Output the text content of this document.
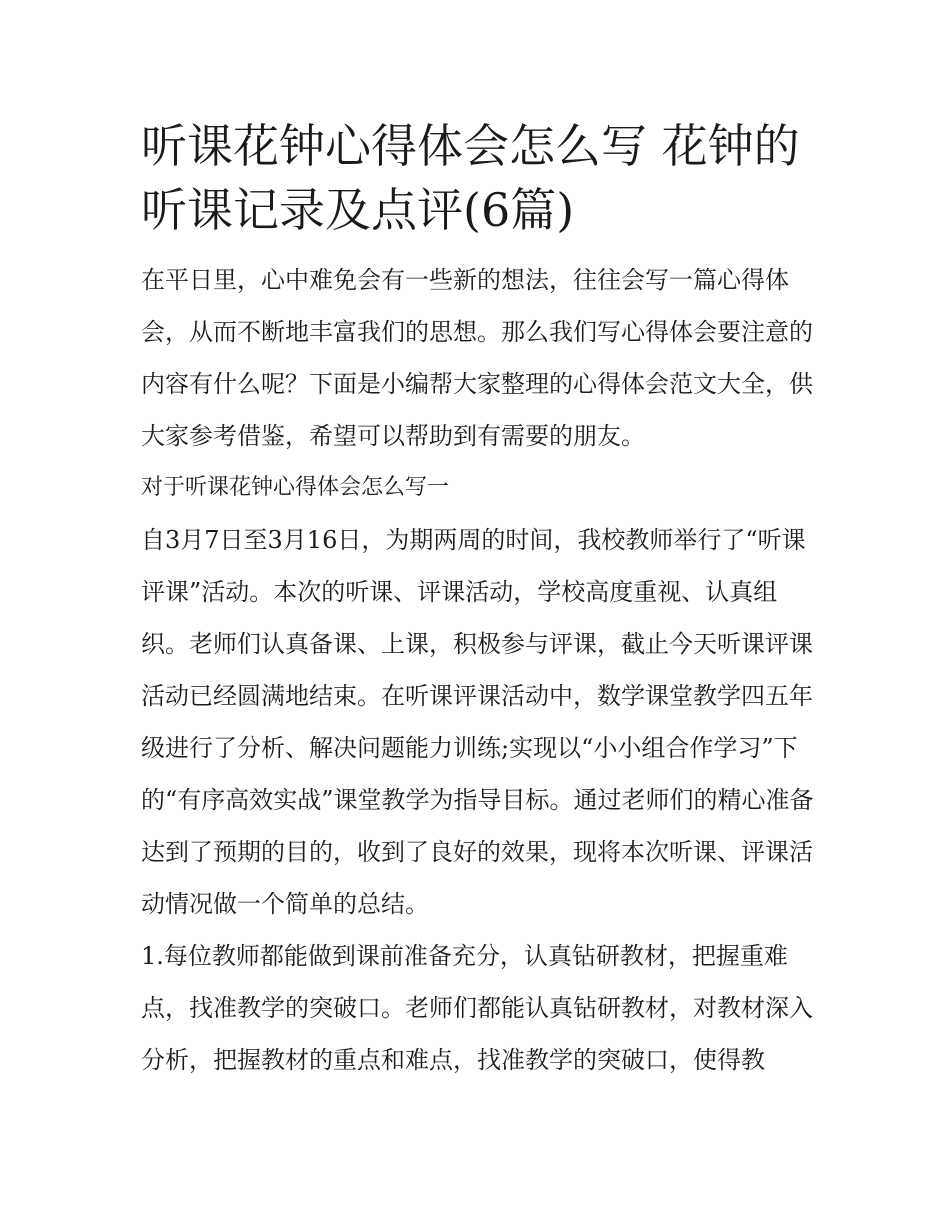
听课花钟心得体会怎么写 花钟的听课记录及点评(6篇)

在平日里，心中难免会有一些新的想法，往往会写一篇心得体会，从而不断地丰富我们的思想。那么我们写心得体会要注意的内容有什么呢？下面是小编帮大家整理的心得体会范文大全，供大家参考借鉴，希望可以帮助到有需要的朋友。

对于听课花钟心得体会怎么写一

自3月7日至3月16日，为期两周的时间，我校教师举行了“听课评课”活动。本次的听课、评课活动，学校高度重视、认真组织。老师们认真备课、上课，积极参与评课，截止今天听课评课活动已经圆满地结束。在听课评课活动中，数学课堂教学四五年级进行了分析、解决问题能力训练;实现以“小小组合作学习”下的“有序高效实战”课堂教学为指导目标。通过老师们的精心准备达到了预期的目的，收到了良好的效果，现将本次听课、评课活动情况做一个简单的总结。

1.每位教师都能做到课前准备充分，认真钻研教材，把握重难点，找准教学的突破口。老师们都能认真钻研教材，对教材深入分析，把握教材的重点和难点，找准教学的突破口，使得教
